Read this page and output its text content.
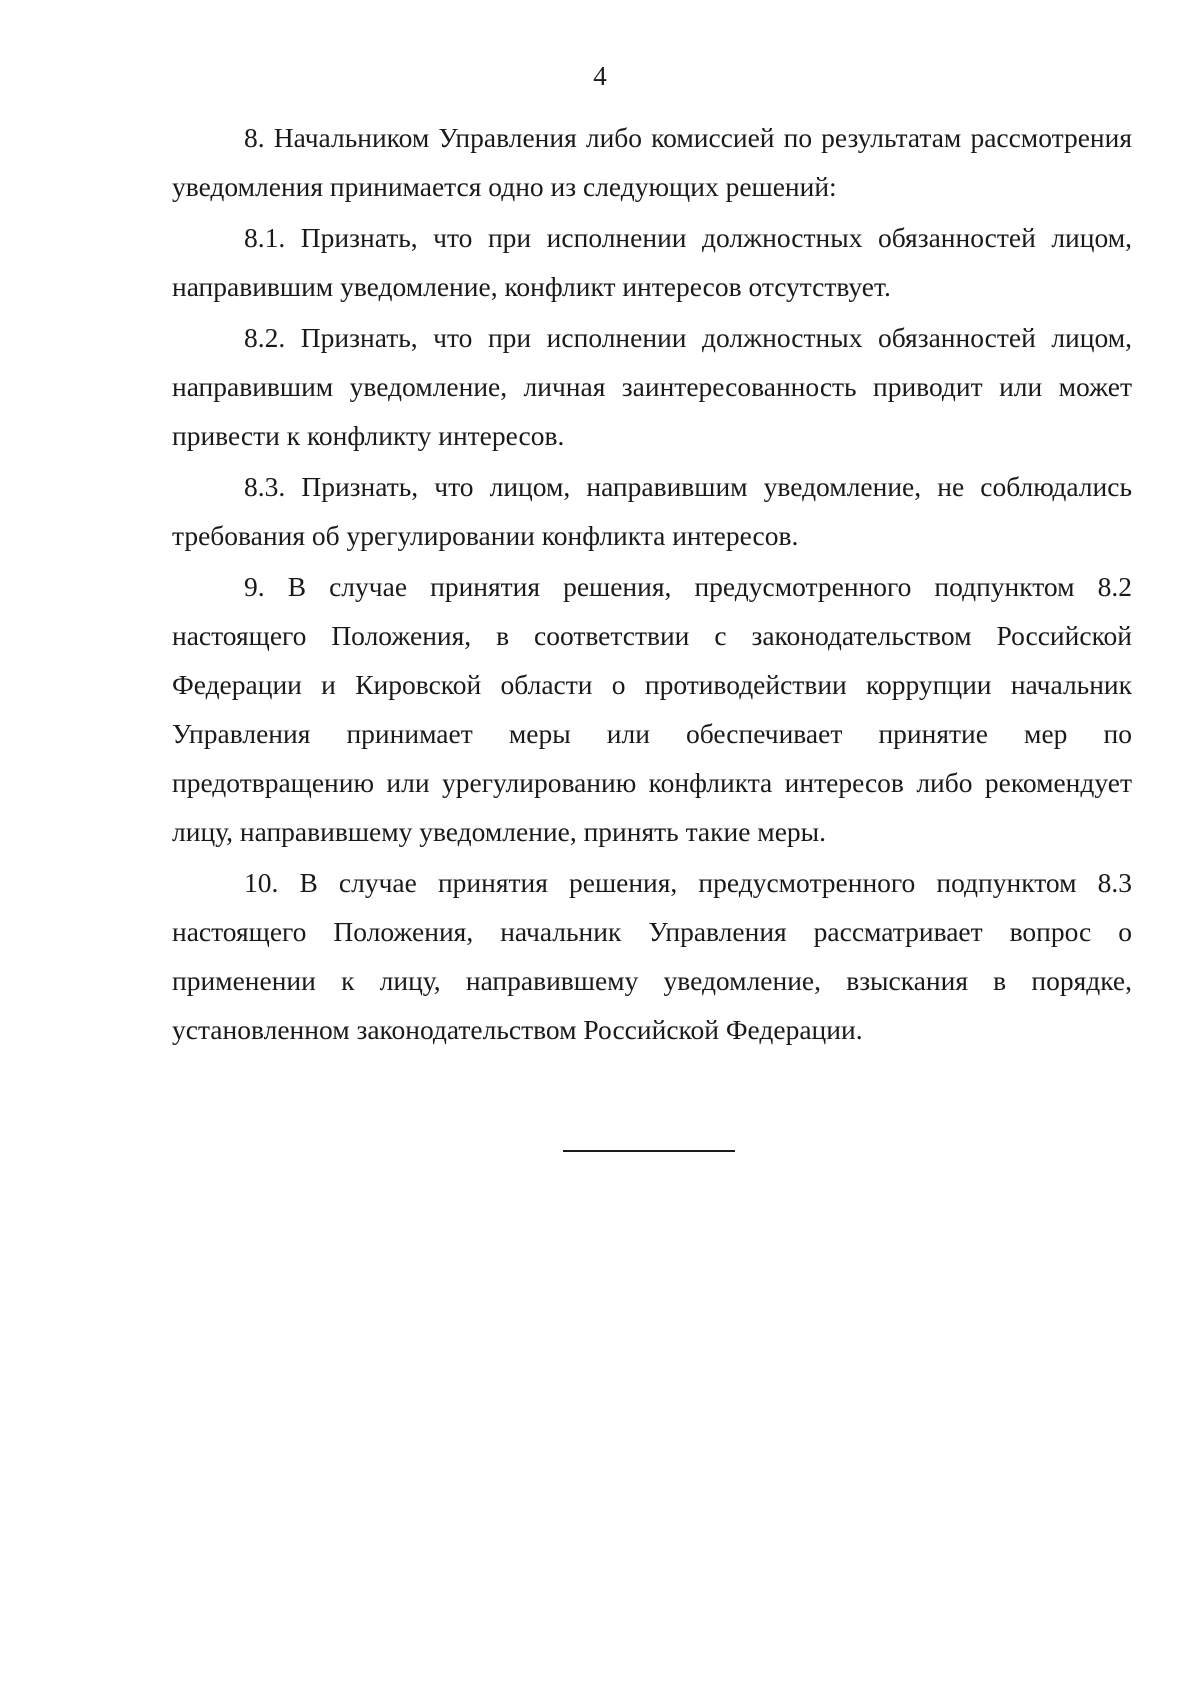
4

8. Начальником Управления либо комиссией по результатам рассмотрения уведомления принимается одно из следующих решений:

8.1. Признать, что при исполнении должностных обязанностей лицом, направившим уведомление, конфликт интересов отсутствует.

8.2. Признать, что при исполнении должностных обязанностей лицом, направившим уведомление, личная заинтересованность приводит или может привести к конфликту интересов.

8.3. Признать, что лицом, направившим уведомление, не соблюдались требования об урегулировании конфликта интересов.

9. В случае принятия решения, предусмотренного подпунктом 8.2 настоящего Положения, в соответствии с законодательством Российской Федерации и Кировской области о противодействии коррупции начальник Управления принимает меры или обеспечивает принятие мер по предотвращению или урегулированию конфликта интересов либо рекомендует лицу, направившему уведомление, принять такие меры.

10. В случае принятия решения, предусмотренного подпунктом 8.3 настоящего Положения, начальник Управления рассматривает вопрос о применении к лицу, направившему уведомление, взыскания в порядке, установленном законодательством Российской Федерации.
